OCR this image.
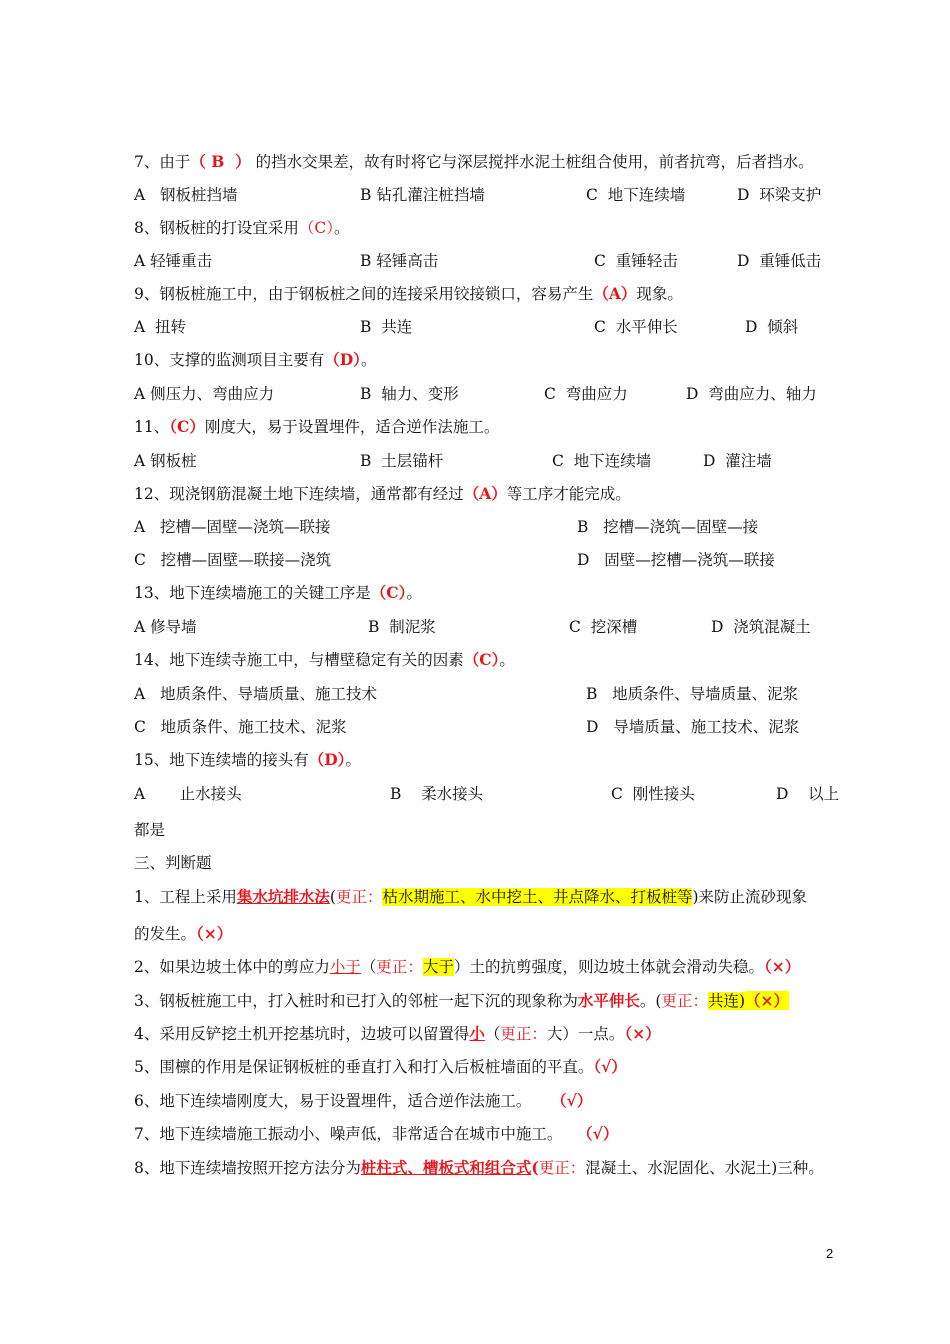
7、由于（ B  ） 的挡水交果差，故有时将它与深层搅拌水泥土桩组合使用，前者抗弯，后者挡水。
A   钢板桩挡墙	B 钻孔灌注桩挡墙	C  地下连续墙	D  环梁支护
8、钢板桩的打设宜采用（C）。
A 轻锤重击	B 轻锤高击	C  重锤轻击	D  重锤低击
9、钢板桩施工中，由于钢板桩之间的连接采用铰接锁口，容易产生（A）现象。
A  扭转	B  共连	C  水平伸长	D  倾斜
10、支撑的监测项目主要有（D）。
A 侧压力、弯曲应力	B  轴力、变形	C  弯曲应力	D  弯曲应力、轴力
11、（C）刚度大，易于设置埋件，适合逆作法施工。
A 钢板桩	B  土层锚杆	C  地下连续墙	D  灌注墙
12、现浇钢筋混凝土地下连续墙，通常都有经过（A）等工序才能完成。
A   挖槽—固壁—浇筑—联接	B   挖槽—浇筑—固壁—接
C   挖槽—固壁—联接—浇筑	D   固壁—挖槽—浇筑—联接
13、地下连续墙施工的关键工序是（C）。
A 修导墙	B  制泥浆	C  挖深槽	D  浇筑混凝土
14、地下连续寺施工中，与槽壁稳定有关的因素（C）。
A   地质条件、导墙质量、施工技术	B   地质条件、导墙质量、泥浆
C   地质条件、施工技术、泥浆	D   导墙质量、施工技术、泥浆
15、地下连续墙的接头有（D）。
A       止水接头	B    柔水接头	C  刚性接头	D    以上
都是
三、判断题
1、工程上采用集水坑排水法(更正：枯水期施工、水中挖土、井点降水、打板桩等)来防止流砂现象
的发生。（×）
2、如果边坡土体中的剪应力小于（更正：大于）土的抗剪强度，则边坡土体就会滑动失稳。（×）
3、钢板桩施工中，打入桩时和已打入的邻桩一起下沉的现象称为水平伸长。(更正：共连)（×）
4、采用反铲挖土机开挖基坑时，边坡可以留置得小（更正：大）一点。（×）
5、围檩的作用是保证钢板桩的垂直打入和打入后板桩墙面的平直。（√）
6、地下连续墙刚度大，易于设置埋件，适合逆作法施工。    （√）
7、地下连续墙施工振动小、噪声低，非常适合在城市中施工。   （√）
8、地下连续墙按照开挖方法分为桩柱式、槽板式和组合式(更正：混凝土、水泥固化、水泥土)三种。
2
